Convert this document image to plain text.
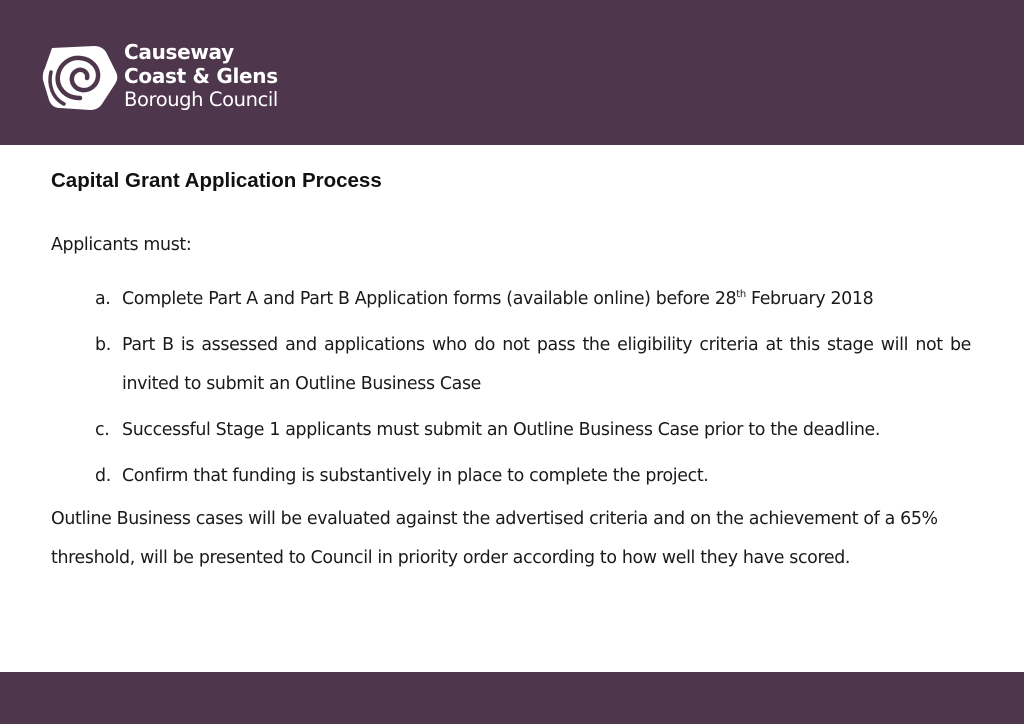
Causeway
Coast & Glens
Borough Council
Capital Grant Application Process
Applicants must:
a. Complete Part A and Part B Application forms (available online) before 28th February 2018
b. Part B is assessed and applications who do not pass the eligibility criteria at this stage will not be invited to submit an Outline Business Case
c. Successful Stage 1 applicants must submit an Outline Business Case prior to the deadline.
d. Confirm that funding is substantively in place to complete the project.

Outline Business cases will be evaluated against the advertised criteria and on the achievement of a 65% threshold, will be presented to Council in priority order according to how well they have scored.
